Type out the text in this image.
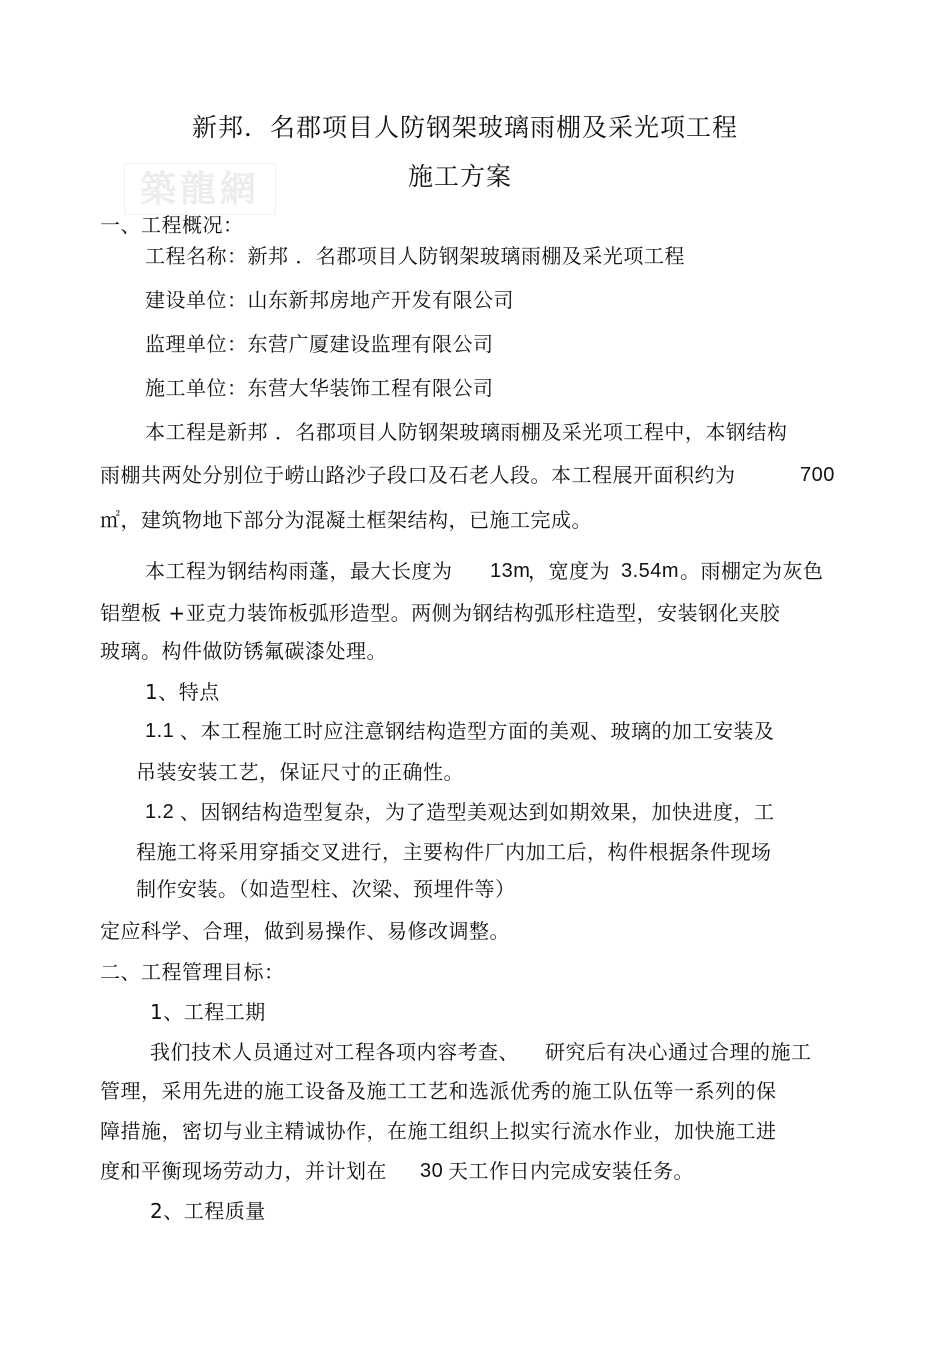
築龍網
新邦．名郡项目人防钢架玻璃雨棚及采光项工程
施工方案
一、工程概况：
工程名称：新邦 ．名郡项目人防钢架玻璃雨棚及采光项工程
建设单位：山东新邦房地产开发有限公司
监理单位：东营广厦建设监理有限公司
施工单位：东营大华装饰工程有限公司
本工程是新邦 ．名郡项目人防钢架玻璃雨棚及采光项工程中，本钢结构
雨棚共两处分别位于崂山路沙子段口及石老人段。本工程展开面积约为	700
㎡，建筑物地下部分为混凝土框架结构，已施工完成。
本工程为钢结构雨蓬，最大长度为 13m
，宽度为 3.54m 。雨棚定为灰色
铝塑板 +亚克力装饰板弧形造型。两侧为钢结构弧形柱造型，安装钢化夹胶
玻璃。构件做防锈氟碳漆处理。
1、特点
1.1 、本工程施工时应注意钢结构造型方面的美观、玻璃的加工安装及
吊装安装工艺，保证尺寸的正确性。
1.2 、因钢结构造型复杂，为了造型美观达到如期效果，加快进度，工
程施工将采用穿插交叉进行，主要构件厂内加工后，构件根据条件现场
制作安装。（如造型柱、次梁、预埋件等）
定应科学、合理，做到易操作、易修改调整。
二、工程管理目标：
1、工程工期
我们技术人员通过对工程各项内容考查、 研究后有决心通过合理的施工
管理，采用先进的施工设备及施工工艺和选派优秀的施工队伍等一系列的保
障措施，密切与业主精诚协作，在施工组织上拟实行流水作业，加快施工进
度和平衡现场劳动力，并计划在 30 天工作日内完成安装任务。
2、工程质量
